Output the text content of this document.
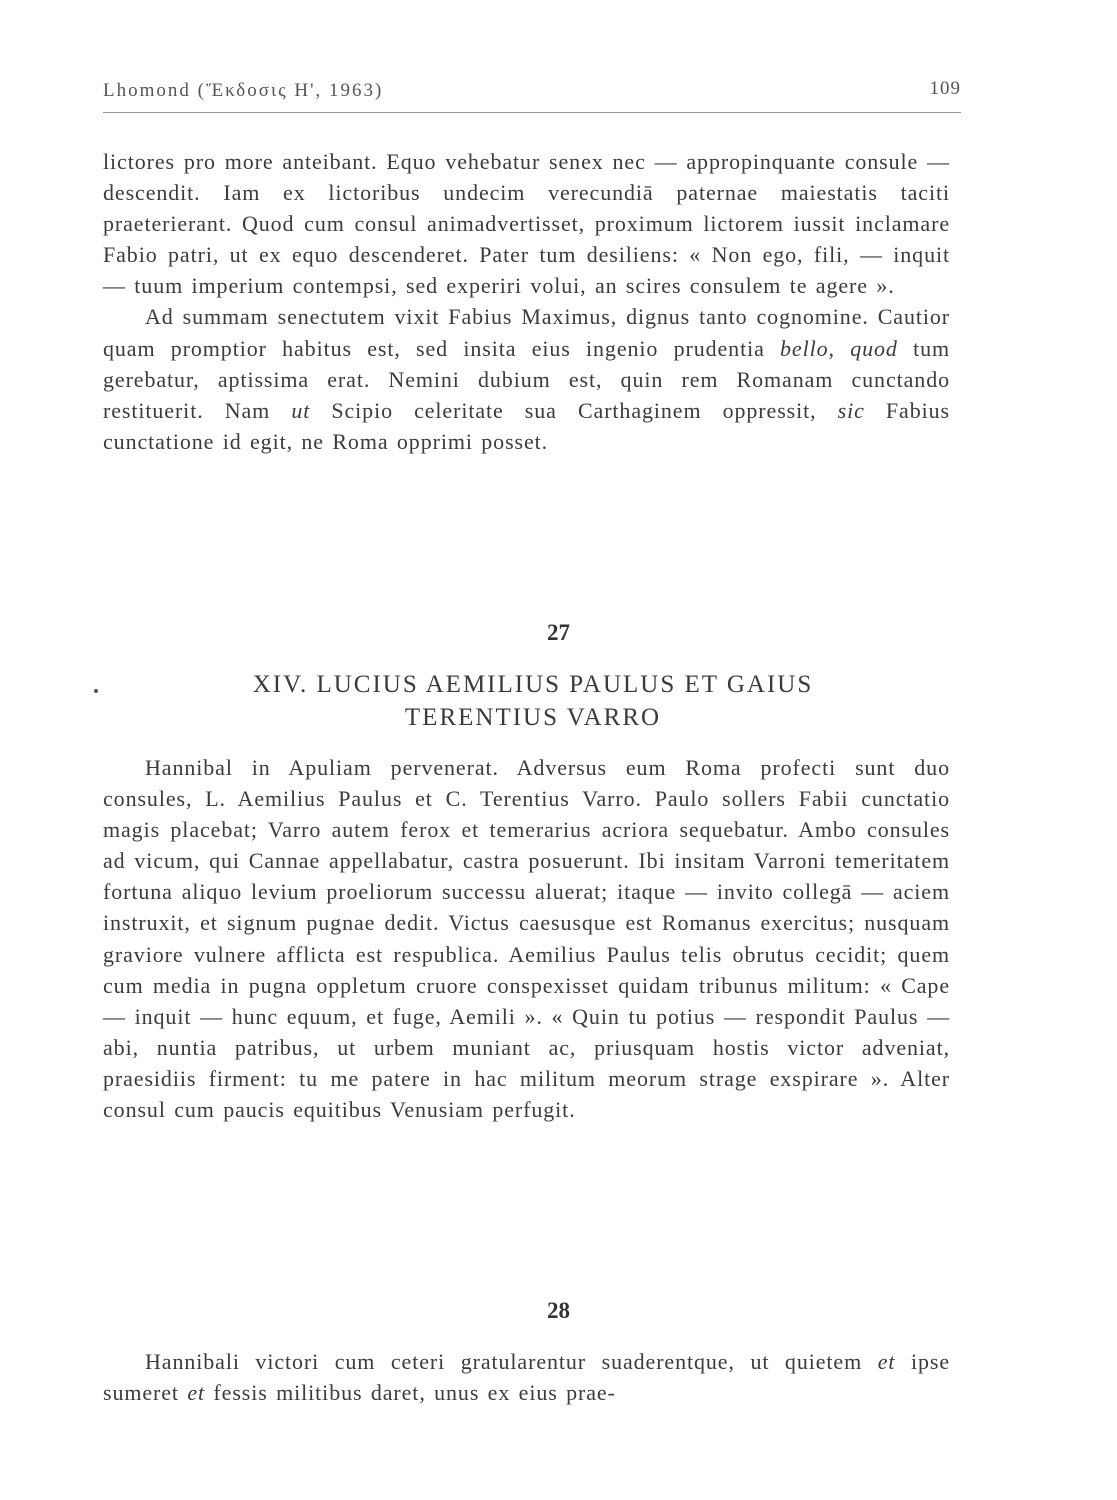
Lhomond (Ἔκδοσις Η', 1963)	109

lictores pro more anteibant. Equo vehebatur senex nec — appropinquante consule — descendit. Iam ex lictoribus undecim verecundiā paternae maiestatis taciti praeterierant. Quod cum consul animadvertisset, proximum lictorem iussit inclamare Fabio patri, ut ex equo descenderet. Pater tum desiliens: « Non ego, fili, — inquit — tuum imperium contempsi, sed experiri volui, an scires consulem te agere ».

Ad summam senectutem vixit Fabius Maximus, dignus tanto cognomine. Cautior quam promptior habitus est, sed insita eius ingenio prudentia bello, quod tum gerebatur, aptissima erat. Nemini dubium est, quin rem Romanam cunctando restituerit. Nam ut Scipio celeritate sua Carthaginem oppressit, sic Fabius cunctatione id egit, ne Roma opprimi posset.

27
XIV. LUCIUS AEMILIUS PAULUS ET GAIUS
TERENTIUS VARRO

Hannibal in Apuliam pervenerat. Adversus eum Roma profecti sunt duo consules, L. Aemilius Paulus et C. Terentius Varro. Paulo sollers Fabii cunctatio magis placebat; Varro autem ferox et temerarius acriora sequebatur. Ambo consules ad vicum, qui Cannae appellabatur, castra posuerunt. Ibi insitam Varroni temeritatem fortuna aliquo levium proeliorum successu aluerat; itaque — invito collegā — aciem instruxit, et signum pugnae dedit. Victus caesusque est Romanus exercitus; nusquam graviore vulnere afflicta est respublica. Aemilius Paulus telis obrutus cecidit; quem cum media in pugna oppletum cruore conspexisset quidam tribunus militum: « Cape — inquit — hunc equum, et fuge, Aemili ». « Quin tu potius — respondit Paulus — abi, nuntia patribus, ut urbem muniant ac, priusquam hostis victor adveniat, praesidiis firment: tu me patere in hac militum meorum strage exspirare ». Alter consul cum paucis equitibus Venusiam perfugit.

28

Hannibali victori cum ceteri gratularentur suaderentque, ut quietem et ipse sumeret et fessis militibus daret, unus ex eius prae-
